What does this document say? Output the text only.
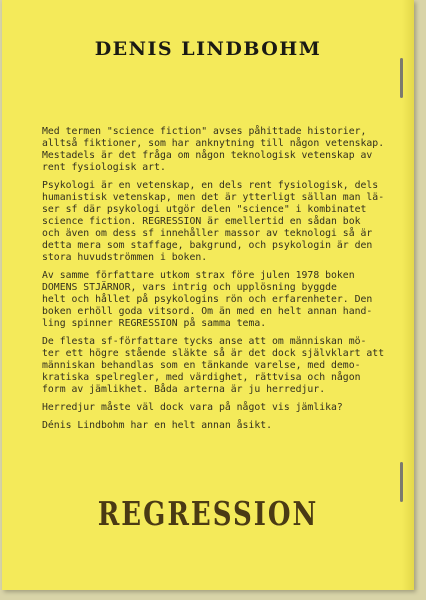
DENIS LINDBOHM

Med termen "science fiction" avses påhittade historier,
alltså fiktioner, som har anknytning till någon vetenskap.
Mestadels är det fråga om någon teknologisk vetenskap av
rent fysiologisk art.

Psykologi är en vetenskap, en dels rent fysiologisk, dels
humanistisk vetenskap, men det är ytterligt sällan man lä-
ser sf där psykologi utgör delen "science" i kombinatet
science fiction. REGRESSION är emellertid en sådan bok
och även om dess sf innehåller massor av teknologi så är
detta mera som staffage, bakgrund, och psykologin är den
stora huvudströmmen i boken.

Av samme författare utkom strax före julen 1978 boken
DOMENS STJÄRNOR, vars intrig och upplösning byggde
helt och hållet på psykologins rön och erfarenheter. Den
boken erhöll goda vitsord. Om än med en helt annan hand-
ling spinner REGRESSION på samma tema.

De flesta sf-författare tycks anse att om människan mö-
ter ett högre stående släkte så är det dock självklart att
människan behandlas som en tänkande varelse, med demo-
kratiska spelregler, med värdighet, rättvisa och någon
form av jämlikhet. Båda arterna är ju herredjur.

Herredjur måste väl dock vara på något vis jämlika?

Dénis Lindbohm har en helt annan åsikt.

REGRESSION
